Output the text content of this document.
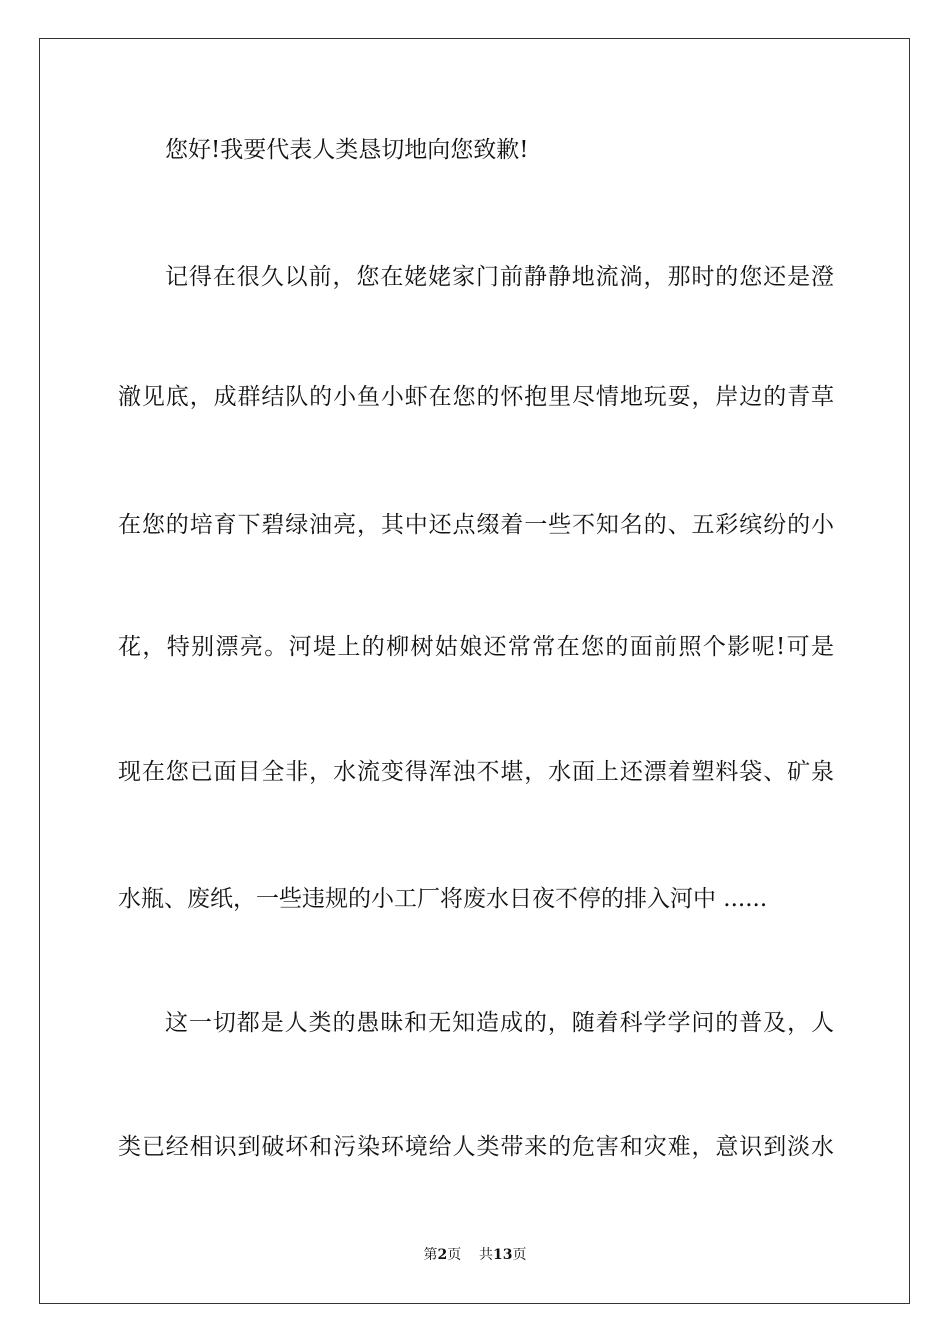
您好!我要代表人类恳切地向您致歉!
记得在很久以前，您在姥姥家门前静静地流淌，那时的您还是澄
澈见底，成群结队的小鱼小虾在您的怀抱里尽情地玩耍，岸边的青草
在您的培育下碧绿油亮，其中还点缀着一些不知名的、五彩缤纷的小
花，特别漂亮。河堤上的柳树姑娘还常常在您的面前照个影呢!可是
现在您已面目全非，水流变得浑浊不堪，水面上还漂着塑料袋、矿泉
水瓶、废纸，一些违规的小工厂将废水日夜不停的排入河中 ......
这一切都是人类的愚昧和无知造成的，随着科学学问的普及，人
类已经相识到破坏和污染环境给人类带来的危害和灾难，意识到淡水
第2页 共13页
